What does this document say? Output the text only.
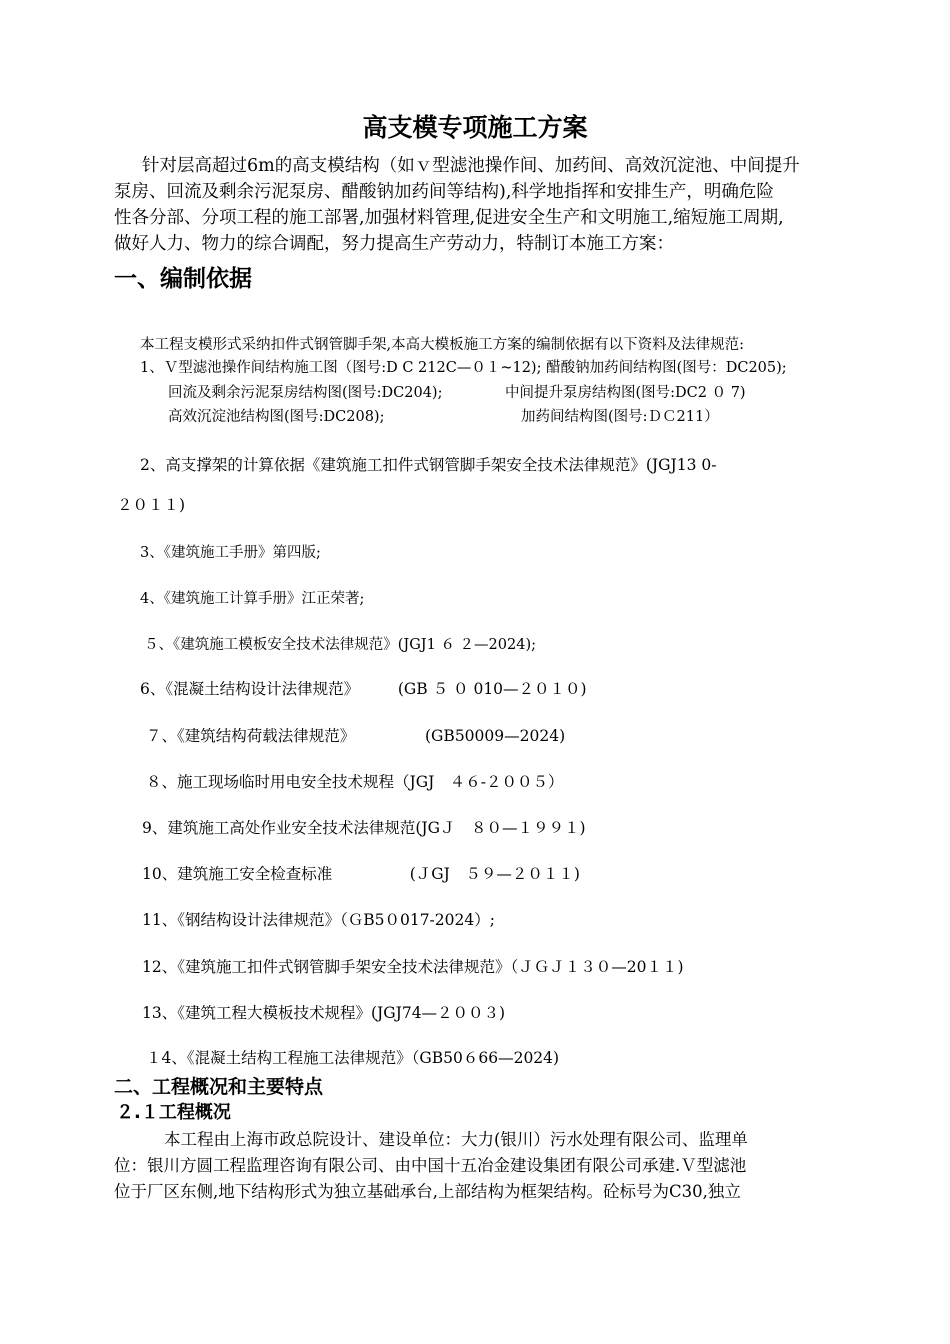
高支模专项施工方案

针对层高超过6m的高支模结构（如ｖ型滤池操作间、加药间、高效沉淀池、中间提升

泵房、回流及剩余污泥泵房、醋酸钠加药间等结构),科学地指挥和安排生产，明确危险

性各分部、分项工程的施工部署,加强材料管理,促进安全生产和文明施工,缩短施工周期,

做好人力、物力的综合调配，努力提高生产劳动力，特制订本施工方案：

一、编制依据
本工程支模形式采纳扣件式钢管脚手架,本高大模板施工方案的编制依据有以下资料及法律规范:
1、Ｖ型滤池操作间结构施工图（图号:D C 212C—０１~12); 醋酸钠加药间结构图(图号：DC205);
回流及剩余污泥泵房结构图(图号:DC204);	中间提升泵房结构图(图号:DC2 ０ 7)
高效沉淀池结构图(图号:DC208);	加药间结构图(图号:ＤＣ211）
2、高支撑架的计算依据《建筑施工扣件式钢管脚手架安全技术法律规范》(JGJ13 0-
２０１１)
3、《建筑施工手册》第四版;
4、《建筑施工计算手册》江正荣著;
５、《建筑施工模板安全技术法律规范》(JGJ1 ６ ２—2024);
6、《混凝土结构设计法律规范》　　　(GB ５ ０ 010—２０１０)
７、《建筑结构荷载法律规范》　　　　　(GB50009—2024)
８、施工现场临时用电安全技术规程（JGJ　４６-２００５）
9、建筑施工高处作业安全技术法律规范(JGＪ　８０—１９９１)
10、建筑施工安全检查标准　　　　　(ＪGJ　５９—２０１１)
11、《钢结构设计法律规范》（ＧB5０017-2024）;
12、《建筑施工扣件式钢管脚手架安全技术法律规范》（ＪＧＪ１３０—20１１)
13、《建筑工程大模板技术规程》(JGJ74—２００３)
１4、《混凝土结构工程施工法律规范》（GB50６66—2024)
二、工程概况和主要特点
２.１工程概况

本工程由上海市政总院设计、建设单位：大力(银川）污水处理有限公司、监理单

位：银川方圆工程监理咨询有限公司、由中国十五冶金建设集团有限公司承建.Ｖ型滤池

位于厂区东侧,地下结构形式为独立基础承台,上部结构为框架结构。砼标号为C30,独立
